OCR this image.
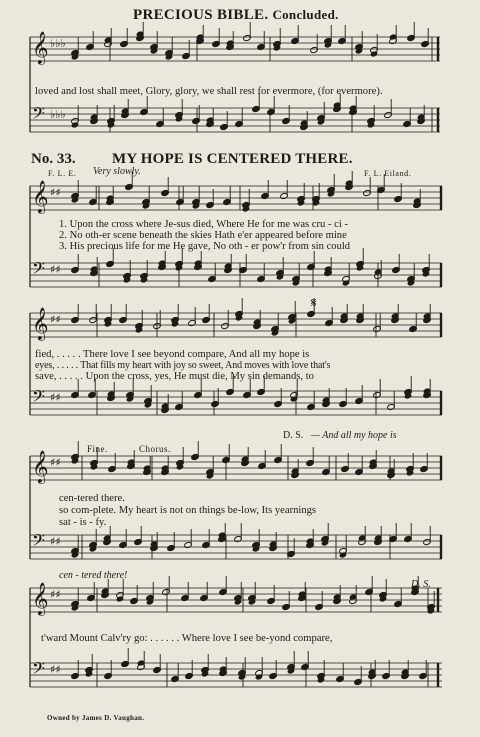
𝄞 ♭♭♭
𝄢 ♭♭♭
𝄞 ♯♯
𝄢 ♯♯
𝄞 ♯♯
𝄢 ♯♯
𝄞 ♯♯
𝄢 ♯♯
𝄞 ♯♯
𝄢 ♯♯
𝄋
PRECIOUS BIBLE. Concluded.
loved and lost shall meet, Glory, glory, we shall rest for evermore, (for evermore).
No. 33. MY HOPE IS CENTERED THERE.
F. L. E. Very slowly.	F. L. Eiland.
1. Upon the cross where Je-sus died, Where He for me was cru - ci -
2. No oth-er scene beneath the skies Hath e'er appeared before mine
3. His precious life for me He gave, No oth - er pow'r from sin could
fied, . . . . . There love I see beyond compare, And all my hope is
eyes, . . . . . That fills my heart with joy so sweet, And moves with love that's
save, . . . . . Upon the cross, yes, He must die, My sin demands, to
D. S. — And all my hope is
Fine.	Chorus.
cen-tered there.
so com-plete. My heart is not on things be-low, Its yearnings
sat - is - fy.
cen - tered there!
D. S.
t'ward Mount Calv'ry go: . . . . . . Where love I see be-yond compare,
Owned by James D. Vaughan.
